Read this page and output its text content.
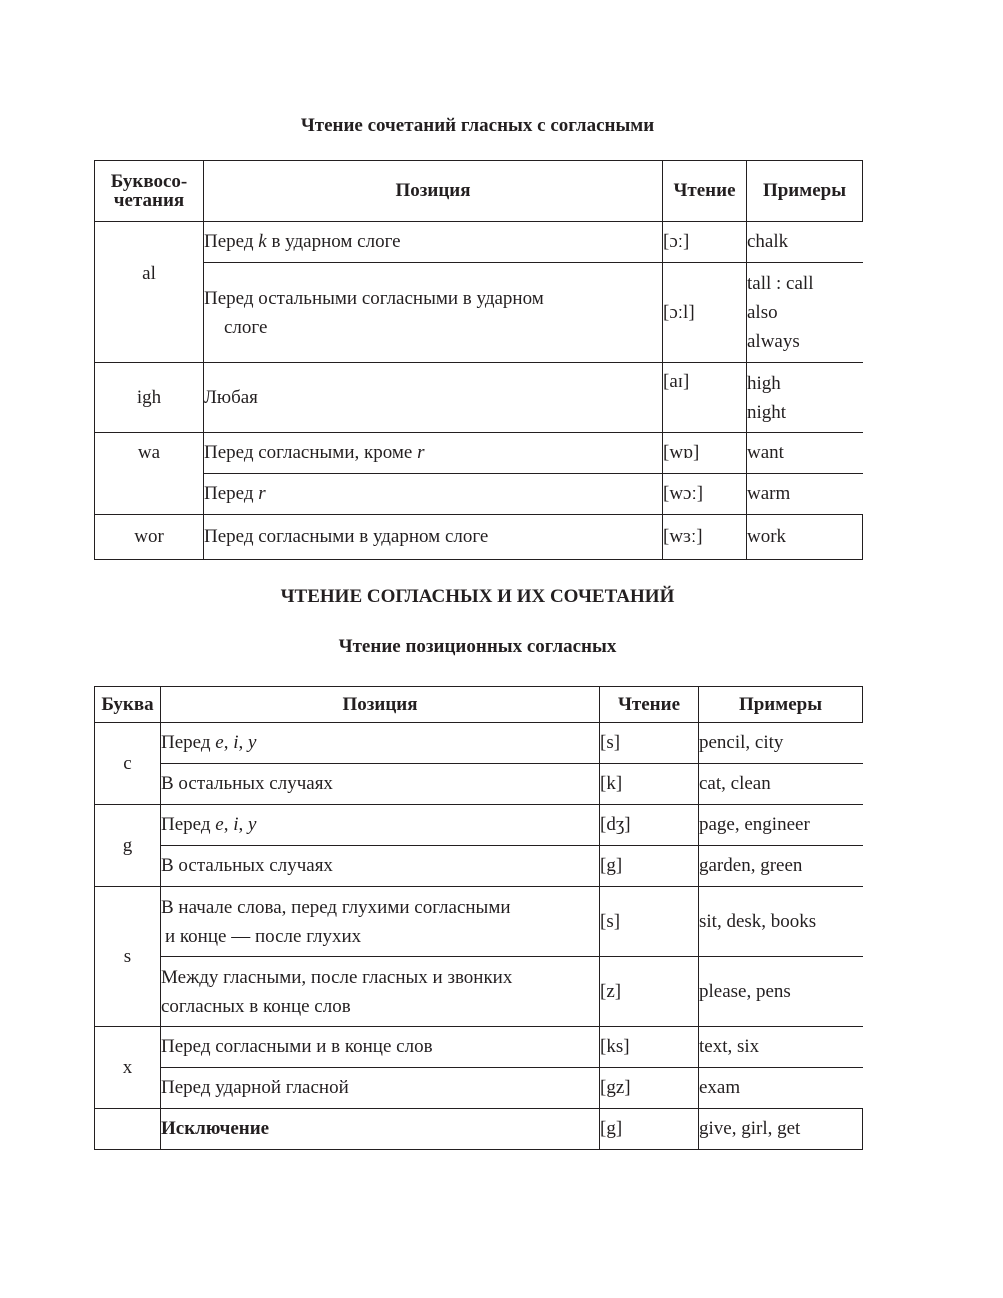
Чтение сочетаний гласных с согласными
Буквосо-
четания	Позиция	Чтение	Примеры
al	Перед k в ударном слоге	[ɔː]	chalk

	Перед остальными согласными в ударном
слоге	[ɔːl]	tall : call
also
always

igh	Любая	[aɪ]	high
night

wa	Перед согласными, кроме r	[wɒ]	want
	Перед r	[wɔː]	warm
wor	Перед согласными в ударном слоге	[wɜː]	work
ЧТЕНИЕ СОГЛАСНЫХ И ИХ СОЧЕТАНИЙ
Чтение позиционных согласных
Буква	Позиция	Чтение	Примеры
c	Перед e, i, y	[s]	pencil, city
	В остальных случаях	[k]	cat, clean
g	Перед e, i, y	[dʒ]	page, engineer
	В остальных случаях	[g]	garden, green
s	В начале слова, перед глухими согласными
и конце — после глухих	[s]	sit, desk, books

	Между гласными, после гласных и звонких
согласных в конце слов	[z]	please, pens
x	Перед согласными и в конце слов	[ks]	text, six
	Перед ударной гласной	[gz]	exam
	Исключение	[g]	give, girl, get
